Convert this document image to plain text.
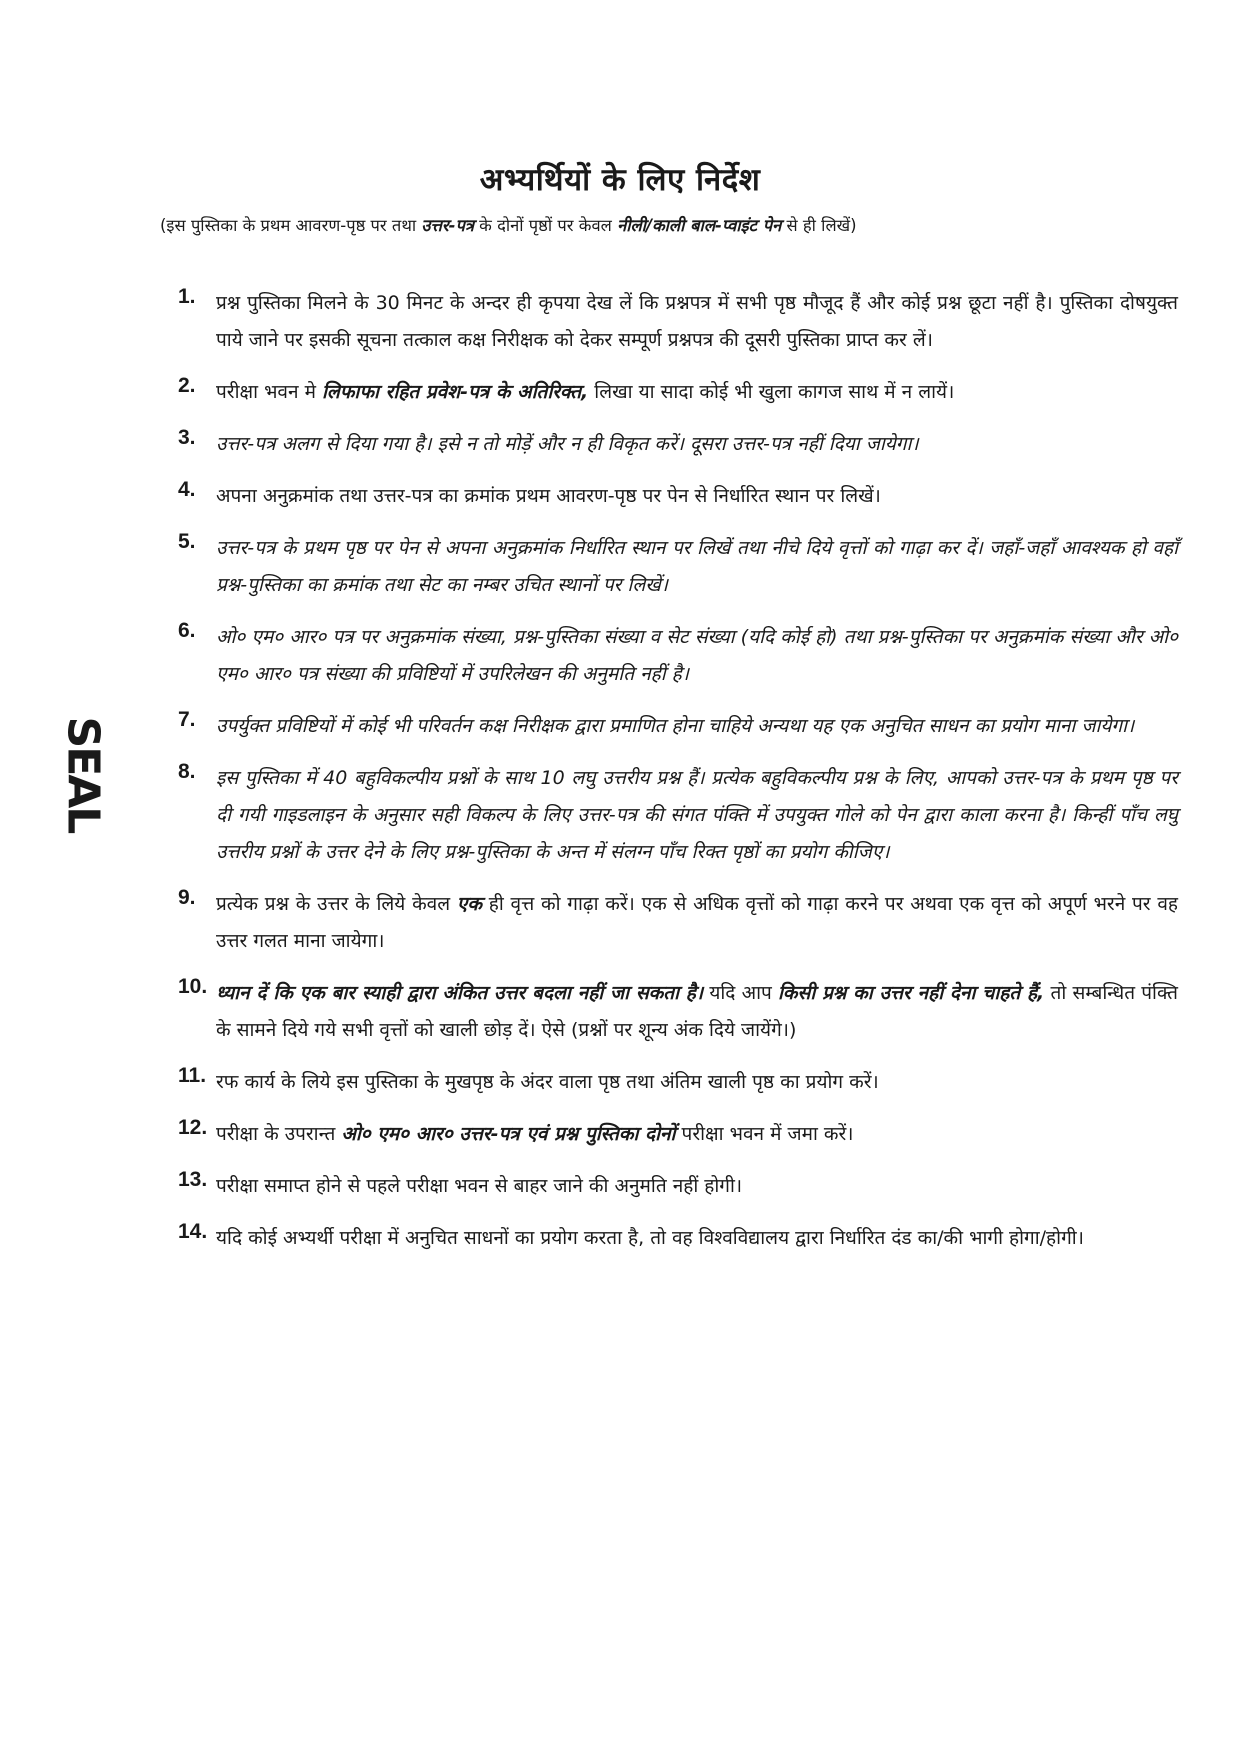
अभ्यर्थियों के लिए निर्देश
(इस पुस्तिका के प्रथम आवरण-पृष्ठ पर तथा उत्तर-पत्र के दोनों पृष्ठों पर केवल नीली/काली बाल-प्वाइंट पेन से ही लिखें)
SEAL
1. प्रश्न पुस्तिका मिलने के 30 मिनट के अन्दर ही कृपया देख लें कि प्रश्नपत्र में सभी पृष्ठ मौजूद हैं और कोई प्रश्न छूटा नहीं है। पुस्तिका दोषयुक्त पाये जाने पर इसकी सूचना तत्काल कक्ष निरीक्षक को देकर सम्पूर्ण प्रश्नपत्र की दूसरी पुस्तिका प्राप्त कर लें।
2. परीक्षा भवन मे लिफाफा रहित प्रवेश-पत्र के अतिरिक्त, लिखा या सादा कोई भी खुला कागज साथ में न लायें।
3. उत्तर-पत्र अलग से दिया गया है। इसे न तो मोड़ें और न ही विकृत करें। दूसरा उत्तर-पत्र नहीं दिया जायेगा।
4. अपना अनुक्रमांक तथा उत्तर-पत्र का क्रमांक प्रथम आवरण-पृष्ठ पर पेन से निर्धारित स्थान पर लिखें।
5. उत्तर-पत्र के प्रथम पृष्ठ पर पेन से अपना अनुक्रमांक निर्धारित स्थान पर लिखें तथा नीचे दिये वृत्तों को गाढ़ा कर दें। जहाँ-जहाँ आवश्यक हो वहाँ प्रश्न-पुस्तिका का क्रमांक तथा सेट का नम्बर उचित स्थानों पर लिखें।
6. ओ० एम० आर० पत्र पर अनुक्रमांक संख्या, प्रश्न-पुस्तिका संख्या व सेट संख्या (यदि कोई हो) तथा प्रश्न-पुस्तिका पर अनुक्रमांक संख्या और ओ० एम० आर० पत्र संख्या की प्रविष्टियों में उपरिलेखन की अनुमति नहीं है।
7. उपर्युक्त प्रविष्टियों में कोई भी परिवर्तन कक्ष निरीक्षक द्वारा प्रमाणित होना चाहिये अन्यथा यह एक अनुचित साधन का प्रयोग माना जायेगा।
8. इस पुस्तिका में 40 बहुविकल्पीय प्रश्नों के साथ 10 लघु उत्तरीय प्रश्न हैं। प्रत्येक बहुविकल्पीय प्रश्न के लिए, आपको उत्तर-पत्र के प्रथम पृष्ठ पर दी गयी गाइडलाइन के अनुसार सही विकल्प के लिए उत्तर-पत्र की संगत पंक्ति में उपयुक्त गोले को पेन द्वारा काला करना है। किन्हीं पाँच लघु उत्तरीय प्रश्नों के उत्तर देने के लिए प्रश्न-पुस्तिका के अन्त में संलग्न पाँच रिक्त पृष्ठों का प्रयोग कीजिए।
9. प्रत्येक प्रश्न के उत्तर के लिये केवल एक ही वृत्त को गाढ़ा करें। एक से अधिक वृत्तों को गाढ़ा करने पर अथवा एक वृत्त को अपूर्ण भरने पर वह उत्तर गलत माना जायेगा।
10. ध्यान दें कि एक बार स्याही द्वारा अंकित उत्तर बदला नहीं जा सकता है। यदि आप किसी प्रश्न का उत्तर नहीं देना चाहते हैं, तो सम्बन्धित पंक्ति के सामने दिये गये सभी वृत्तों को खाली छोड़ दें। ऐसे (प्रश्नों पर शून्य अंक दिये जायेंगे।)
11. रफ कार्य के लिये इस पुस्तिका के मुखपृष्ठ के अंदर वाला पृष्ठ तथा अंतिम खाली पृष्ठ का प्रयोग करें।
12. परीक्षा के उपरान्त ओ० एम० आर० उत्तर-पत्र एवं प्रश्न पुस्तिका दोनों परीक्षा भवन में जमा करें।
13. परीक्षा समाप्त होने से पहले परीक्षा भवन से बाहर जाने की अनुमति नहीं होगी।
14. यदि कोई अभ्यर्थी परीक्षा में अनुचित साधनों का प्रयोग करता है, तो वह विश्वविद्यालय द्वारा निर्धारित दंड का/की भागी होगा/होगी।
